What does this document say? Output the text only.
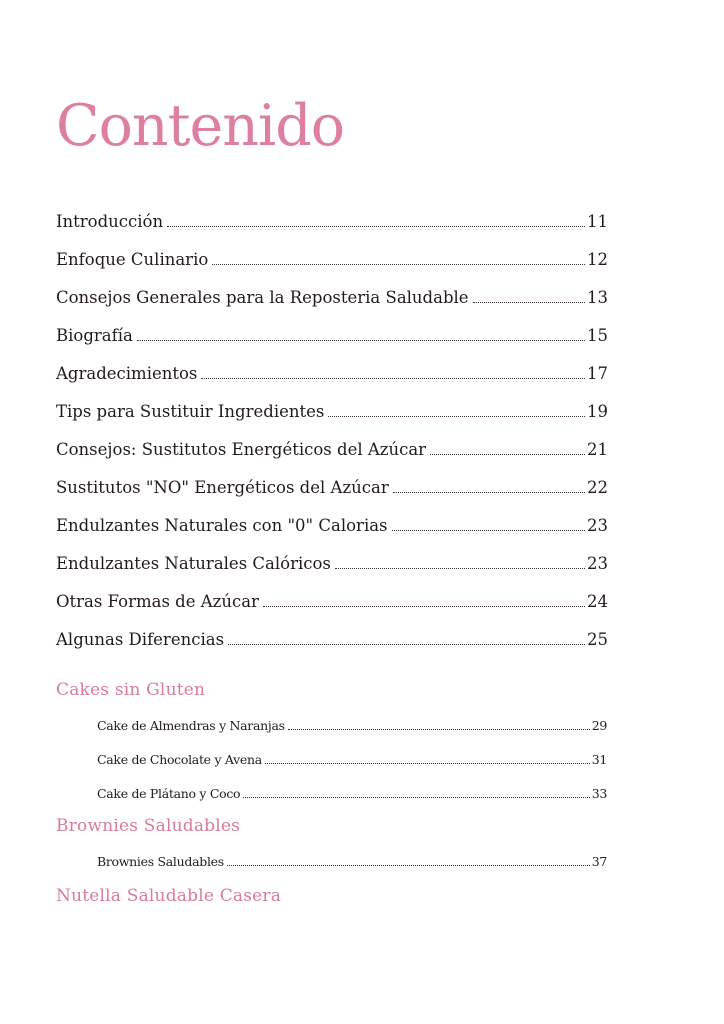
Contenido
Introducción	11
Enfoque Culinario	12
Consejos Generales para la Reposteria Saludable	13
Biografía	15
Agradecimientos	17
Tips para Sustituir Ingredientes	19
Consejos: Sustitutos Energéticos del Azúcar	21
Sustitutos "NO" Energéticos del Azúcar	22
Endulzantes Naturales con "0" Calorias	23
Endulzantes Naturales Calóricos	23
Otras Formas de Azúcar	24
Algunas Diferencias	25
Cakes sin Gluten
Cake de Almendras y Naranjas	29
Cake de Chocolate y Avena	31
Cake de Plátano y Coco	33
Brownies Saludables
Brownies Saludables	37
Nutella Saludable Casera
